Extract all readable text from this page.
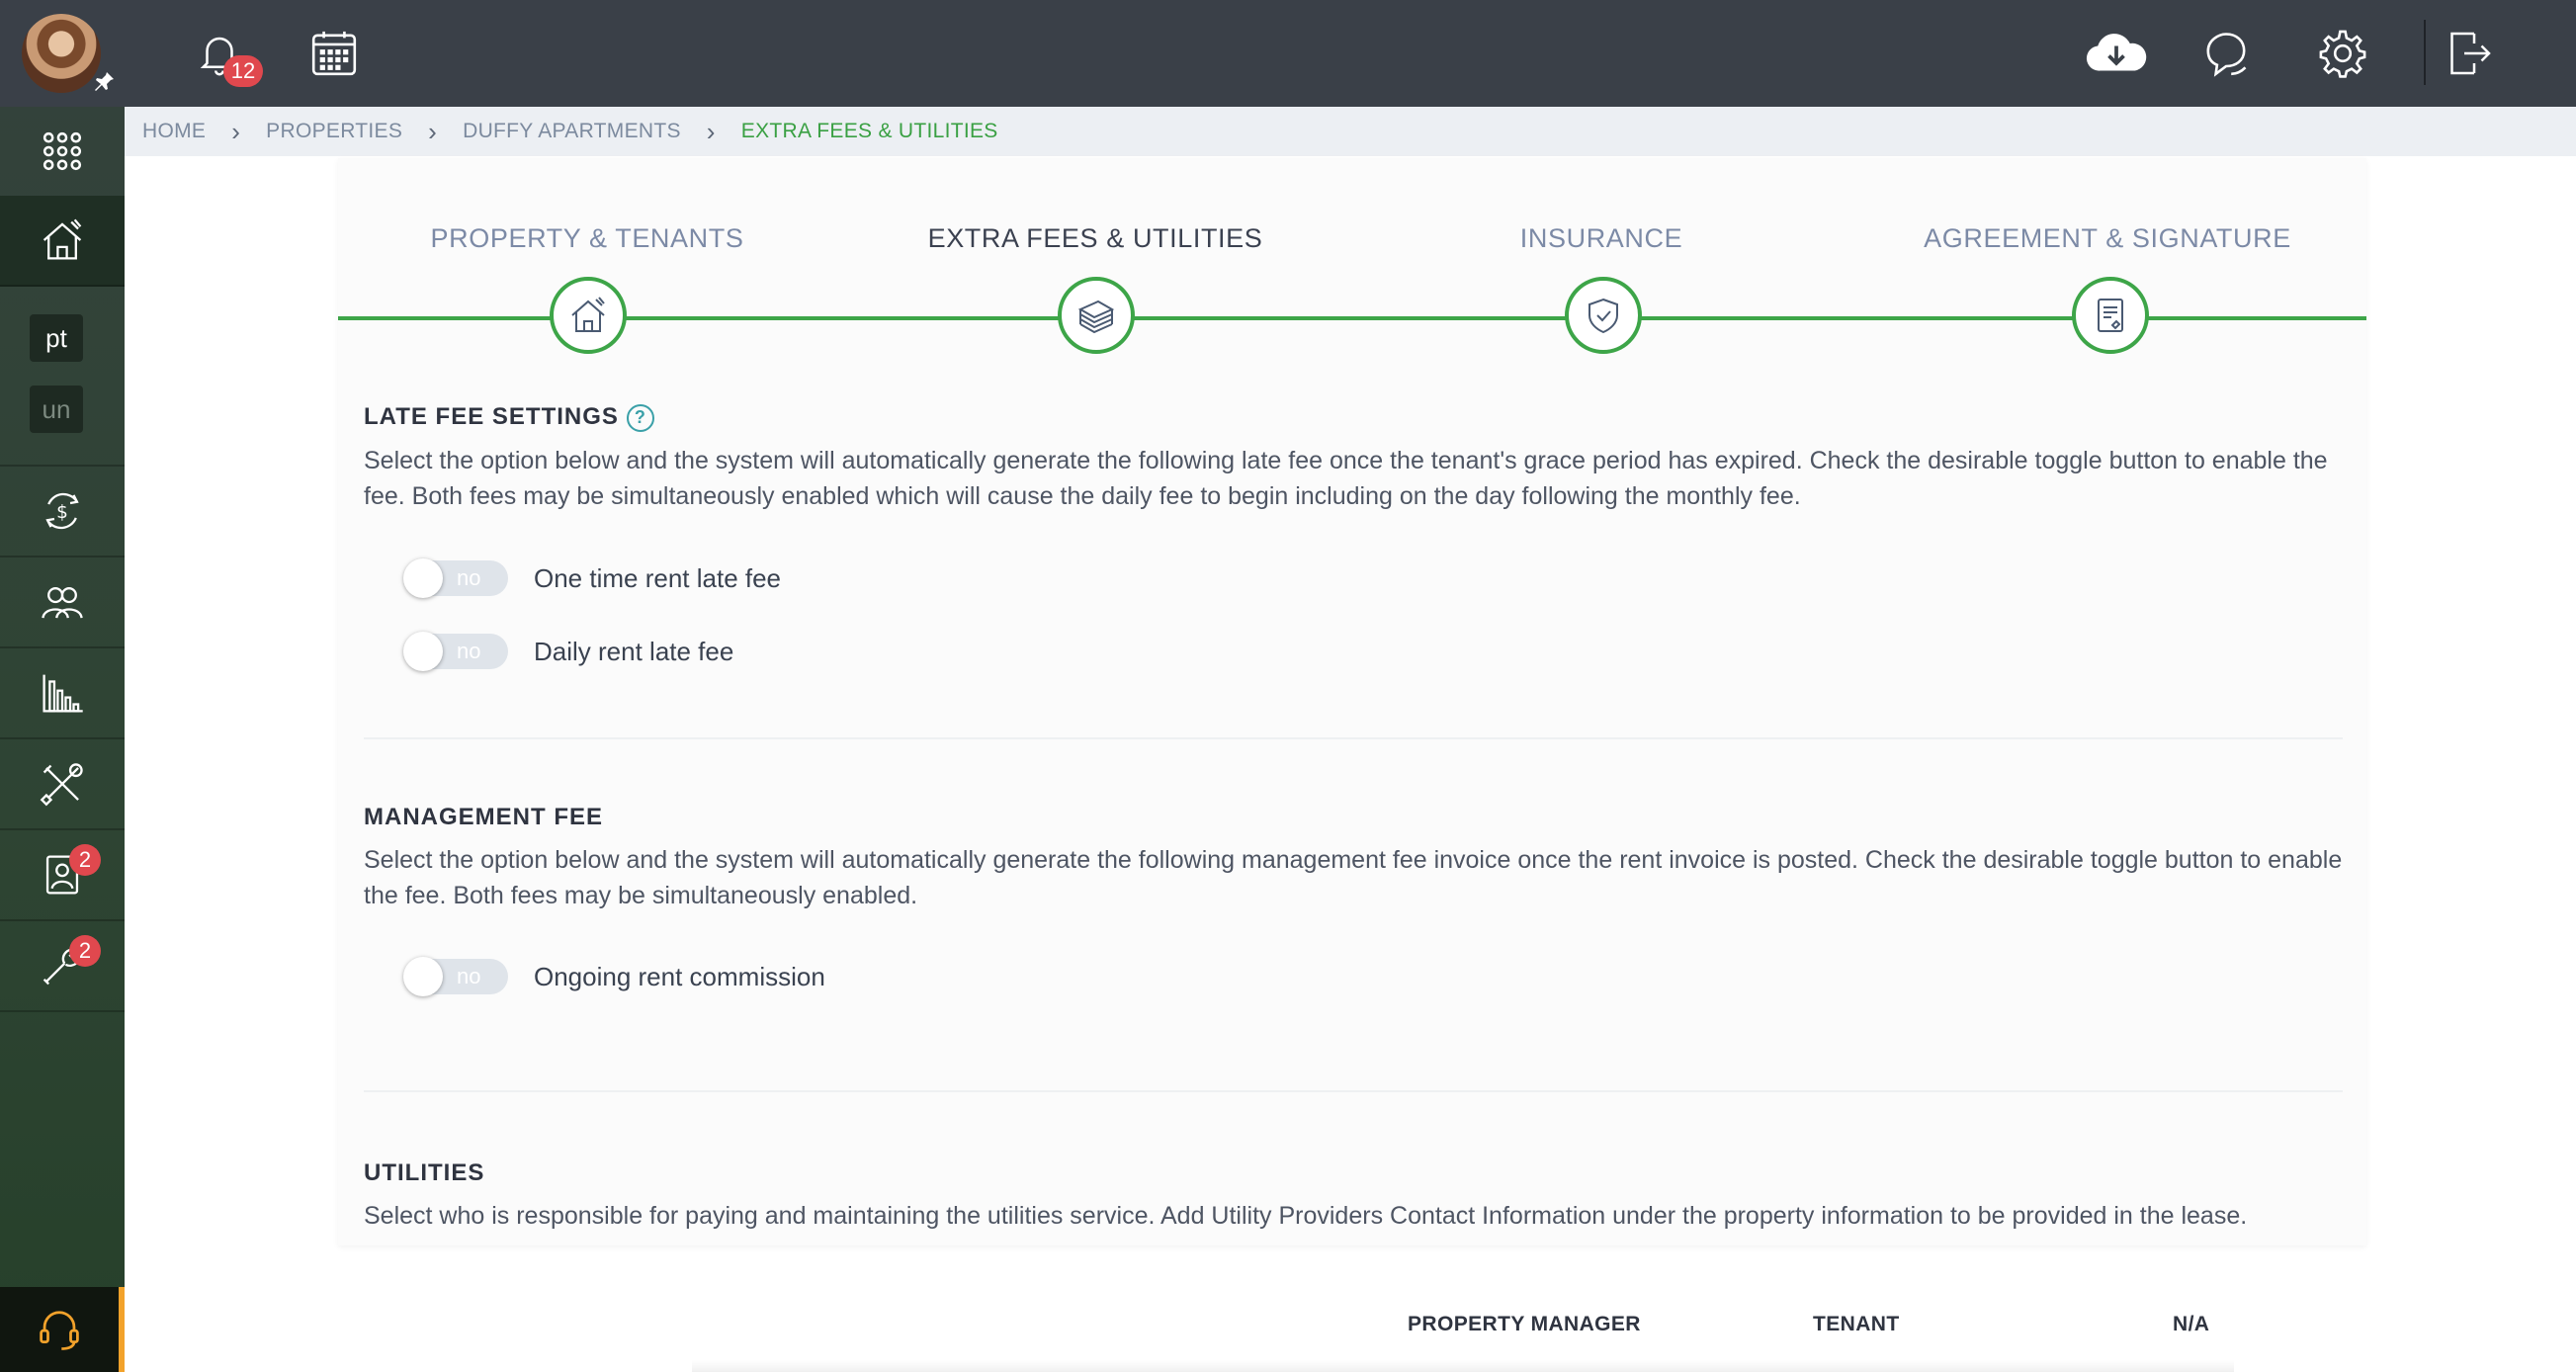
pt
un
$
2
2
12
HOME › PROPERTIES › DUFFY APARTMENTS › EXTRA FEES & UTILITIES
PROPERTY & TENANTS	EXTRA FEES & UTILITIES	INSURANCE	AGREEMENT & SIGNATURE
LATE FEE SETTINGS ?
Select the option below and the system will automatically generate the following late fee once the tenant's grace period has expired. Check the desirable toggle button to enable the fee. Both fees may be simultaneously enabled which will cause the daily fee to begin including on the day following the monthly fee.
no One time rent late fee
no Daily rent late fee
MANAGEMENT FEE
Select the option below and the system will automatically generate the following management fee invoice once the rent invoice is posted. Check the desirable toggle button to enable the fee. Both fees may be simultaneously enabled.
no Ongoing rent commission
UTILITIES
Select who is responsible for paying and maintaining the utilities service. Add Utility Providers Contact Information under the property information to be provided in the lease.
PROPERTY MANAGER	TENANT	N/A
